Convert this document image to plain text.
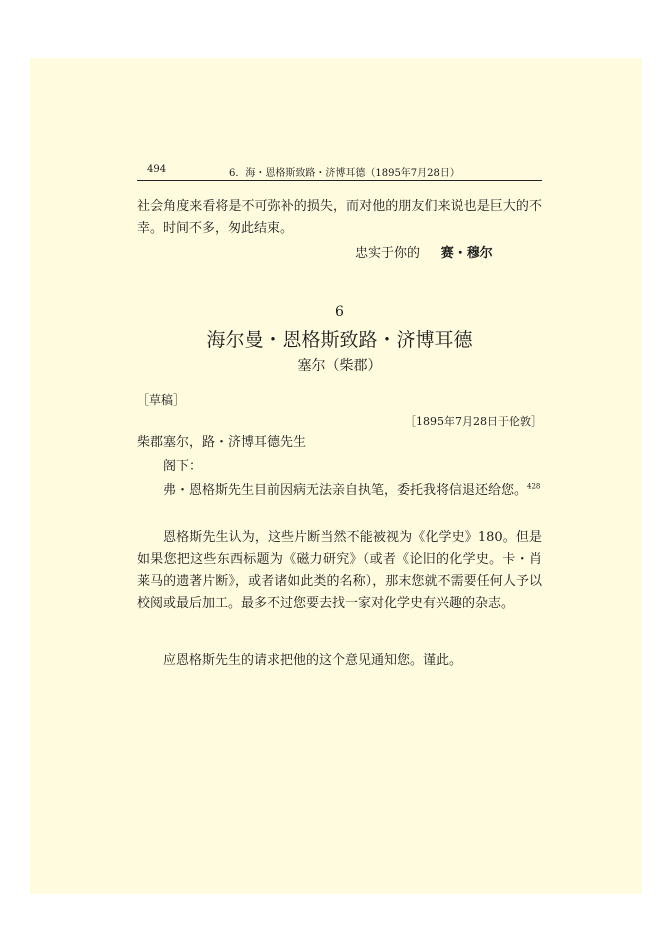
494	6．海・恩格斯致路・济博耳德（1895年7月28日）
社会角度来看将是不可弥补的损失，而对他的朋友们来说也是巨大的不幸。时间不多，匆此结束。
忠实于你的 赛・穆尔
6
海尔曼・恩格斯致路・济博耳德
塞尔（柴郡）
［草稿］
［1895年7月28日于伦敦］
柴郡塞尔，路・济博耳德先生
阁下：
弗・恩格斯先生目前因病无法亲自执笔，委托我将信退还给您。$^{428}$
恩格斯先生认为，这些片断当然不能被视为《化学史》180。但是如果您把这些东西标题为《磁力研究》（或者《论旧的化学史。卡・肖莱马的遗著片断》，或者诸如此类的名称），那末您就不需要任何人予以校阅或最后加工。最多不过您要去找一家对化学史有兴趣的杂志。
应恩格斯先生的请求把他的这个意见通知您。谨此。
